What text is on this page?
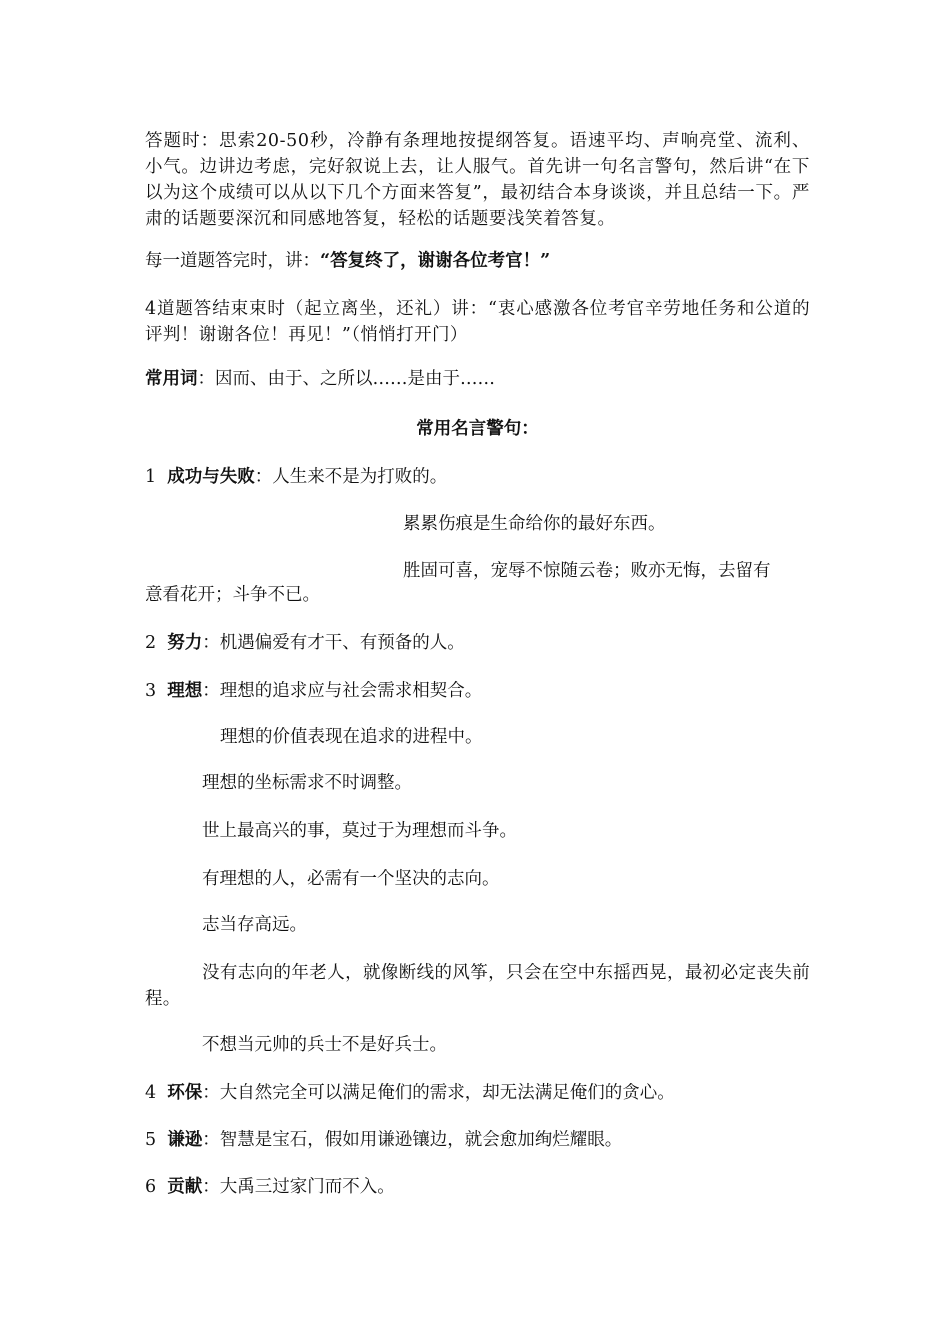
答题时：思索20-50秒，冷静有条理地按提纲答复。语速平均、声响亮堂、流利、小气。边讲边考虑，完好叙说上去，让人服气。首先讲一句名言警句，然后讲“在下以为这个成绩可以从以下几个方面来答复”，最初结合本身谈谈，并且总结一下。严肃的话题要深沉和同感地答复，轻松的话题要浅笑着答复。
每一道题答完时，讲：“答复终了，谢谢各位考官！”
4道题答结束束时（起立离坐，还礼）讲：“衷心感激各位考官辛劳地任务和公道的评判！谢谢各位！再见！”（悄悄打开门）
常用词：因而、由于、之所以……是由于……
常用名言警句：
1 成功与失败：人生来不是为打败的。
累累伤痕是生命给你的最好东西。
胜固可喜，宠辱不惊随云卷；败亦无悔，去留有
意看花开；斗争不已。
2 努力：机遇偏爱有才干、有预备的人。
3 理想：理想的追求应与社会需求相契合。
理想的价值表现在追求的进程中。
理想的坐标需求不时调整。
世上最高兴的事，莫过于为理想而斗争。
有理想的人，必需有一个坚决的志向。
志当存高远。
没有志向的年老人，就像断线的风筝，只会在空中东摇西晃，最初必定丧失前程。
不想当元帅的兵士不是好兵士。
4 环保：大自然完全可以满足俺们的需求，却无法满足俺们的贪心。
5 谦逊：智慧是宝石，假如用谦逊镶边，就会愈加绚烂耀眼。
6 贡献：大禹三过家门而不入。
